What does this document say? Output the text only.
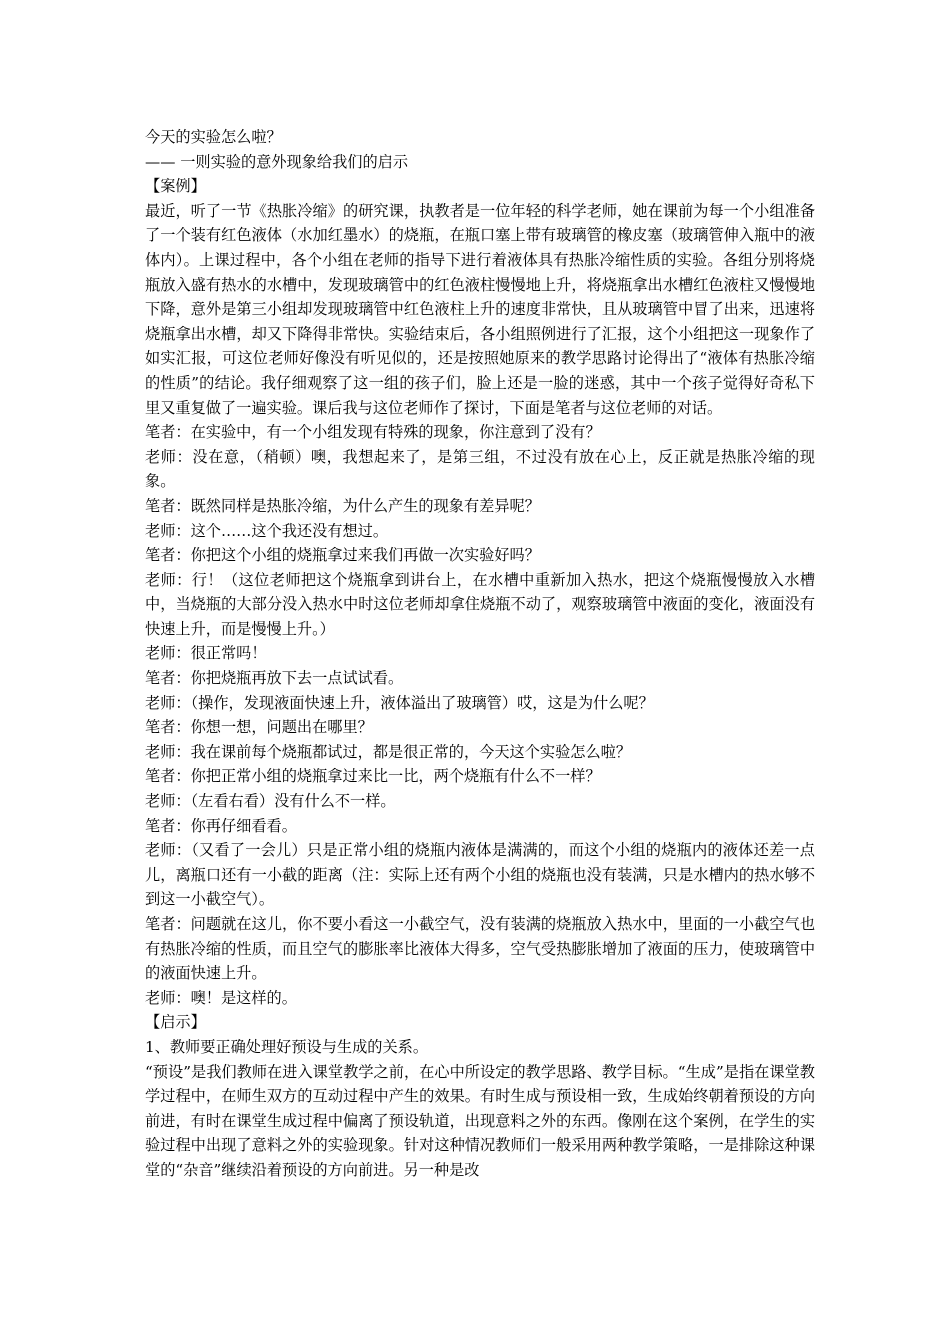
今天的实验怎么啦？

—— 一则实验的意外现象给我们的启示

【案例】

最近，听了一节《热胀冷缩》的研究课，执教者是一位年轻的科学老师，她在课前为每一个小组准备了一个装有红色液体（水加红墨水）的烧瓶，在瓶口塞上带有玻璃管的橡皮塞（玻璃管伸入瓶中的液体内）。上课过程中，各个小组在老师的指导下进行着液体具有热胀冷缩性质的实验。各组分别将烧瓶放入盛有热水的水槽中，发现玻璃管中的红色液柱慢慢地上升，将烧瓶拿出水槽红色液柱又慢慢地下降，意外是第三小组却发现玻璃管中红色液柱上升的速度非常快，且从玻璃管中冒了出来，迅速将烧瓶拿出水槽，却又下降得非常快。实验结束后，各小组照例进行了汇报，这个小组把这一现象作了如实汇报，可这位老师好像没有听见似的，还是按照她原来的教学思路讨论得出了“液体有热胀冷缩的性质”的结论。我仔细观察了这一组的孩子们，脸上还是一脸的迷惑，其中一个孩子觉得好奇私下里又重复做了一遍实验。课后我与这位老师作了探讨，下面是笔者与这位老师的对话。

笔者：在实验中，有一个小组发现有特殊的现象，你注意到了没有？

老师：没在意，（稍顿）噢，我想起来了，是第三组，不过没有放在心上，反正就是热胀冷缩的现象。

笔者：既然同样是热胀冷缩，为什么产生的现象有差异呢？

老师：这个……这个我还没有想过。

笔者：你把这个小组的烧瓶拿过来我们再做一次实验好吗？

老师：行！（这位老师把这个烧瓶拿到讲台上，在水槽中重新加入热水，把这个烧瓶慢慢放入水槽中，当烧瓶的大部分没入热水中时这位老师却拿住烧瓶不动了，观察玻璃管中液面的变化，液面没有快速上升，而是慢慢上升。）

老师：很正常吗！

笔者：你把烧瓶再放下去一点试试看。

老师：（操作，发现液面快速上升，液体溢出了玻璃管）哎，这是为什么呢？

笔者：你想一想，问题出在哪里？

老师：我在课前每个烧瓶都试过，都是很正常的，今天这个实验怎么啦？

笔者：你把正常小组的烧瓶拿过来比一比，两个烧瓶有什么不一样？

老师：（左看右看）没有什么不一样。

笔者：你再仔细看看。

老师：（又看了一会儿）只是正常小组的烧瓶内液体是满满的，而这个小组的烧瓶内的液体还差一点儿，离瓶口还有一小截的距离（注：实际上还有两个小组的烧瓶也没有装满，只是水槽内的热水够不到这一小截空气）。

笔者：问题就在这儿，你不要小看这一小截空气，没有装满的烧瓶放入热水中，里面的一小截空气也有热胀冷缩的性质，而且空气的膨胀率比液体大得多，空气受热膨胀增加了液面的压力，使玻璃管中的液面快速上升。

老师：噢！是这样的。

【启示】

1、教师要正确处理好预设与生成的关系。

“预设”是我们教师在进入课堂教学之前，在心中所设定的教学思路、教学目标。“生成”是指在课堂教学过程中，在师生双方的互动过程中产生的效果。有时生成与预设相一致，生成始终朝着预设的方向前进，有时在课堂生成过程中偏离了预设轨道，出现意料之外的东西。像刚在这个案例，在学生的实验过程中出现了意料之外的实验现象。针对这种情况教师们一般采用两种教学策略，一是排除这种课堂的“杂音”继续沿着预设的方向前进。另一种是改
